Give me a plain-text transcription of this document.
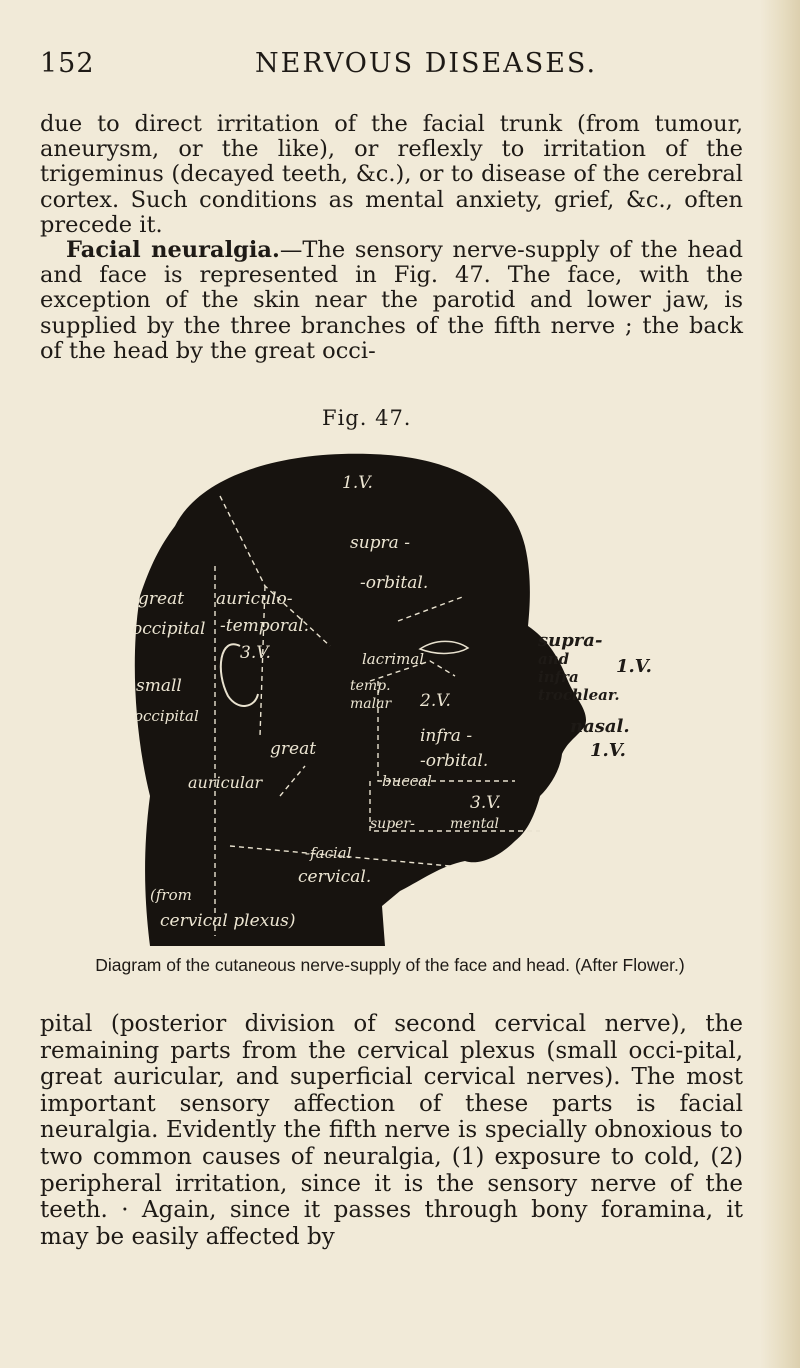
152	NERVOUS DISEASES.
due to direct irritation of the facial trunk (from tumour, aneurysm, or the like), or reflexly to irritation of the trigeminus (decayed teeth, &c.), or to disease of the cerebral cortex. Such conditions as mental anxiety, grief, &c., often precede it.
Facial neuralgia.—The sensory nerve-supply of the head and face is represented in Fig. 47. The face, with the exception of the skin near the parotid and lower jaw, is supplied by the three branches of the fifth nerve ; the back of the head by the great occi-
Fig. 47.
1.V.
supra -
-orbital.
great
occipital
auriculo-
-temporal.
3.V.	lacrimal
temp.
malar 2.V.
small
occipital
infra -
-orbital.
great
auricular	buccal
3.V.
super-	mental
-facial
cervical.
(from
cervical plexus)
supra-
and
infra
trochlear.
1.V.
nasal.
1.V.
Diagram of the cutaneous nerve-supply of the face and head. (After Flower.)
pital (posterior division of second cervical nerve), the remaining parts from the cervical plexus (small occi-pital, great auricular, and superficial cervical nerves). The most important sensory affection of these parts is facial neuralgia. Evidently the fifth nerve is specially obnoxious to two common causes of neuralgia, (1) exposure to cold, (2) peripheral irritation, since it is the sensory nerve of the teeth. · Again, since it passes through bony foramina, it may be easily affected by
